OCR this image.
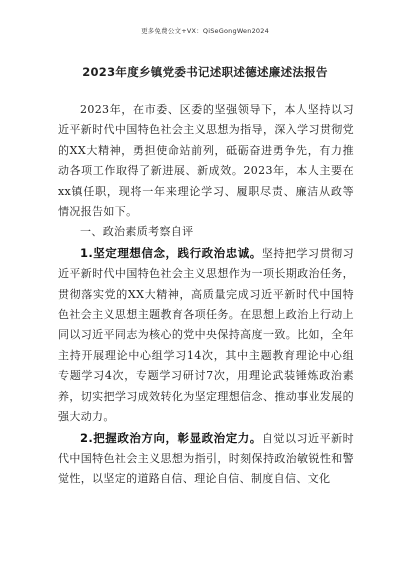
更多免费公文+VX：QiSeGongWen2024
2023年度乡镇党委书记述职述德述廉述法报告

2023年，在市委、区委的坚强领导下，本人坚持以习近平新时代中国特色社会主义思想为指导，深入学习贯彻党的XX大精神，勇担使命站前列，砥砺奋进勇争先，有力推动各项工作取得了新进展、新成效。2023年，本人主要在xx镇任职，现将一年来理论学习、履职尽责、廉洁从政等情况报告如下。

一、政治素质考察自评

1.坚定理想信念，践行政治忠诚。坚持把学习贯彻习近平新时代中国特色社会主义思想作为一项长期政治任务，贯彻落实党的XX大精神，高质量完成习近平新时代中国特色社会主义思想主题教育各项任务。在思想上政治上行动上同以习近平同志为核心的党中央保持高度一致。比如，全年主持开展理论中心组学习14次，其中主题教育理论中心组专题学习4次，专题学习研讨7次，用理论武装锤炼政治素养，切实把学习成效转化为坚定理想信念、推动事业发展的强大动力。

2.把握政治方向，彰显政治定力。自觉以习近平新时代中国特色社会主义思想为指引，时刻保持政治敏锐性和警觉性，以坚定的道路自信、理论自信、制度自信、文化
